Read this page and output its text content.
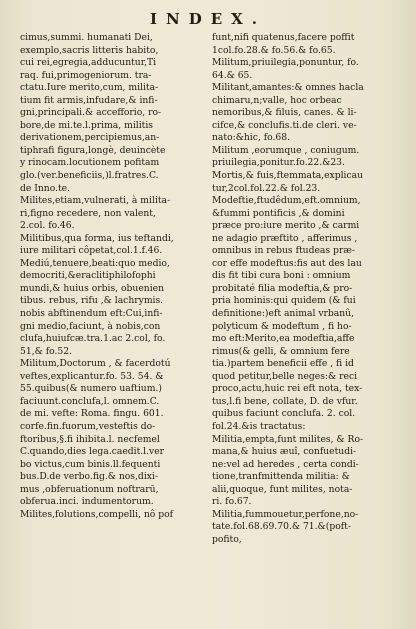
INDEX.
cimus,summi. humanati Dei,
exemplo,sacris litteris habito,
cui rei,egregia,adducuntur,Ti
raq. fui,primogeniorum. tra-
ctatu.Iure merito,cum, milita-
tium fit armis,infudare,& infi-
gni,principali.& accefforio, ro-
bore,de mi.te.l.prima, militis
derivationem,percipiemus,an-
tiphrafi figura,longè, deuincète
y rinocam.locutionem pofitam
glo.(ver.beneficiis,)l.fratres.C.
de Inno.te.
Milites,etiam,vulnerati, à milita-
ri,figno recedere, non valent,
2.col. fo.46.
Militibus,qua forma, ius teftandi,
iure militari côpetat,col.1.f.46.
Mediú,tenuere,beati:quo medio,
democriti,&eraclitiphilofophi
mundi,& huius orbis, obuenien
tibus. rebus, rifu ,& lachrymis.
nobis abftinendum eft:Cui,infi-
gni medio,faciunt, à nobis,con
clufa,huiufcæ.tra.1.ac 2.col, fo.
51,& fo.52.
Militum,Doctorum , & facerdotú
veftes,explicantur.fo. 53. 54. &
55.quibus(& numero uaftium.)
faciuunt.conclufa,l. omnem.C.
de mi. vefte: Roma. fingu. 601.
corfe.fin.fuorum,vesteftis do-
ftoribus,§.fi ihibita.l. necfemel
C.quando,dies lega.caedit.l.ver
bo victus,cum binis.ll.fequenti
bus.D.de verbo.fig.& nos,dixi-
mus ,obferuationum noftrarū,
obferua.inci. indumentorum.
Milites,folutions,compelli, nô pof
funt,nifi quatenus,facere poffit
1col.fo.28.& fo.56.& fo.65.
Militum,priuilegia,ponuntur, fo.
64.& 65.
Militant,amantes:& omnes hacla
chimaru,n;valle, hoc orbeac
nemoribus,& filuis, canes. & li-
cifce,& conclufis.ti.de cleri. ve-
nato:&hic, fo.68.
Militum ,eorumque , coniugum.
priuilegia,ponitur.fo.22.&23.
Mortis,& fuis,ftemmata,explicau
tur,2col.fol.22.& fol.23.
Modeftie,ftudêdum,eft.omnium,
&fummi pontificis ,& domini
præce pro:iure merito ,& carmi
ne adagio præftito , afferimus ,
omnibus in rebus ftudeas præ-
cor effe modeftus:fis aut des lau
dis fit tibi cura boni : omnium
probitaté filia modeftia,& pro-
pria hominis:qui quidem (& fui
definitione:)eft animal vrbanû,
polyticum & modeftum , fi ho-
mo eft:Merito,ea modeftia,affe
rimus(& gelli, & omnium fere
tia.)partem beneficii effe , fi id
quod petitur,belle neges:& reci
proco,actu,huic rei eft nota, tex-
tus,l.fi bene, collate, D. de vfur.
quibus faciunt conclufa. 2. col.
fol.24.&is tractatus:
Militia,empta,funt milites, & Ro-
mana,& huius æuî, confuetudi-
ne:vel ad heredes , certa condi-
tione,tranfmittenda militia: &
alii,quoque, funt milites, nota-
ri. fo.67.
Militia,fummouetur,perfone,no-
tate.fol.68.69.70.& 71.&(poft-
pofito,
